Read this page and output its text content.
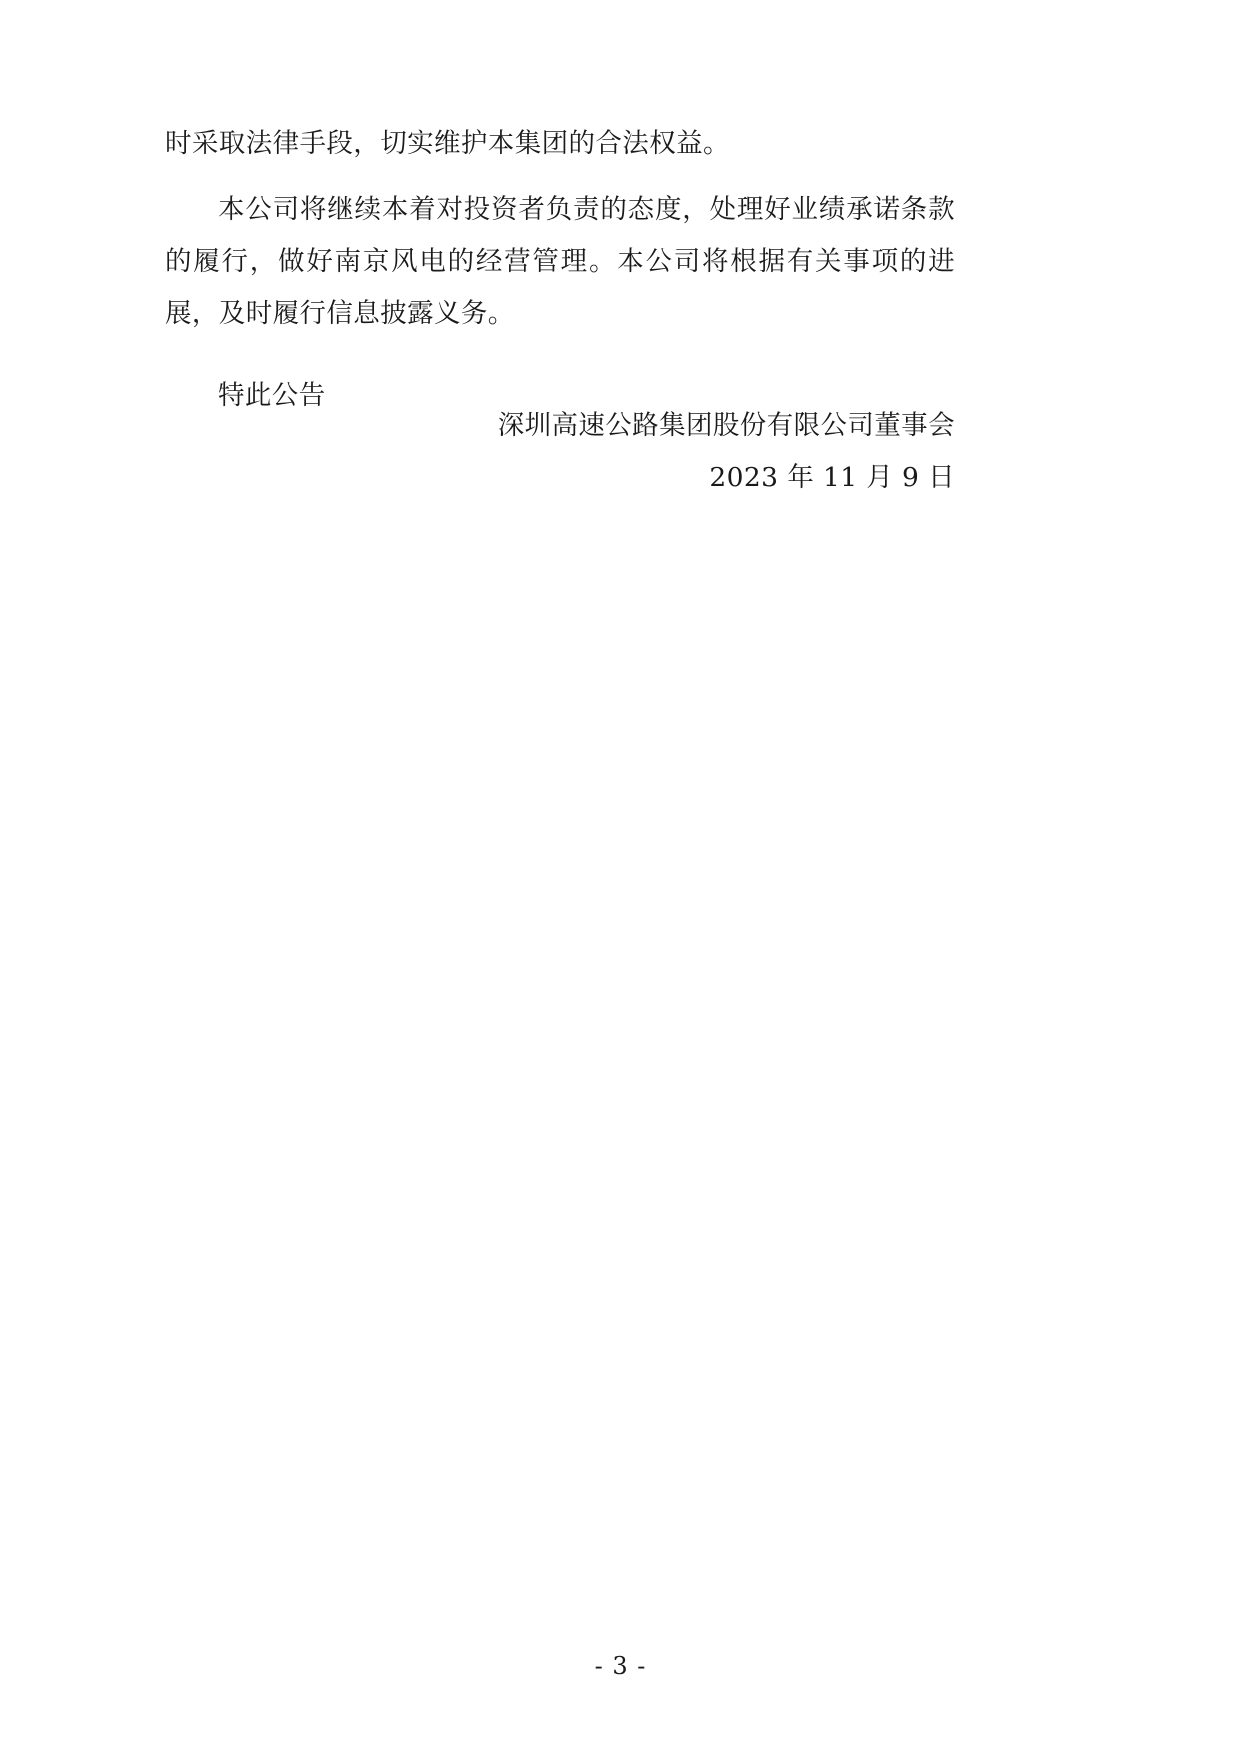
时采取法律手段，切实维护本集团的合法权益。

本公司将继续本着对投资者负责的态度，处理好业绩承诺条款的履行，做好南京风电的经营管理。本公司将根据有关事项的进展，及时履行信息披露义务。

特此公告

深圳高速公路集团股份有限公司董事会
2023 年 11 月 9 日
- 3 -
